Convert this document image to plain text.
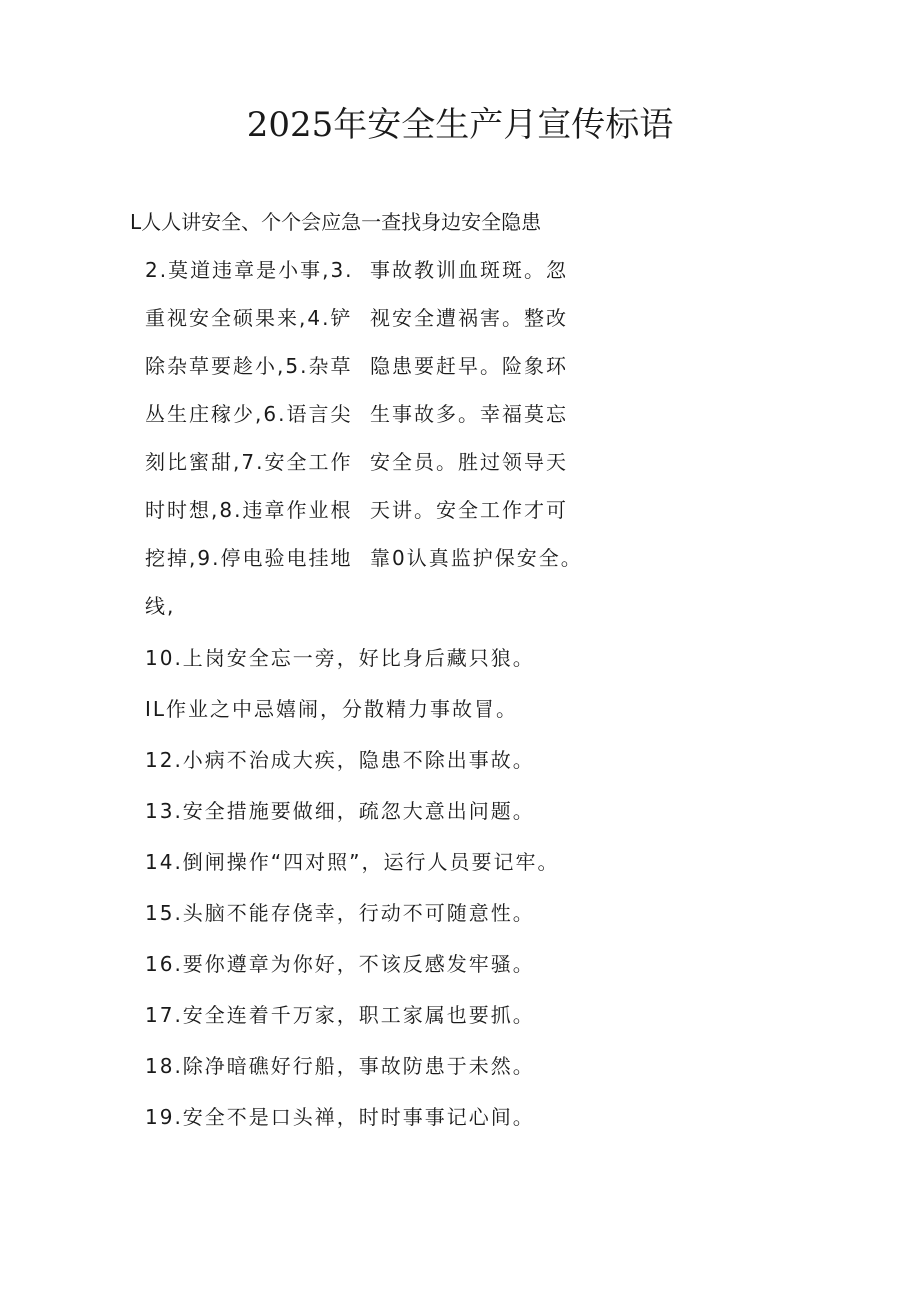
2025年安全生产月宣传标语
L人人讲安全、个个会应急一查找身边安全隐患
2.莫道违章是小事,3.
重视安全硕果来,4.铲
除杂草要趁小,5.杂草
丛生庄稼少,6.语言尖
刻比蜜甜,7.安全工作
时时想,8.违章作业根
挖掉,9.停电验电挂地
线,
事故教训血斑斑。忽
视安全遭祸害。整改
隐患要赶早。险象环
生事故多。幸福莫忘
安全员。胜过领导天
天讲。安全工作才可
靠0认真监护保安全。
10.上岗安全忘一旁，好比身后藏只狼。
IL作业之中忌嬉闹，分散精力事故冒。
12.小病不治成大疾，隐患不除出事故。
13.安全措施要做细，疏忽大意出问题。
14.倒闸操作“四对照”，运行人员要记牢。
15.头脑不能存侥幸，行动不可随意性。
16.要你遵章为你好，不该反感发牢骚。
17.安全连着千万家，职工家属也要抓。
18.除净暗礁好行船，事故防患于未然。
19.安全不是口头禅，时时事事记心间。
